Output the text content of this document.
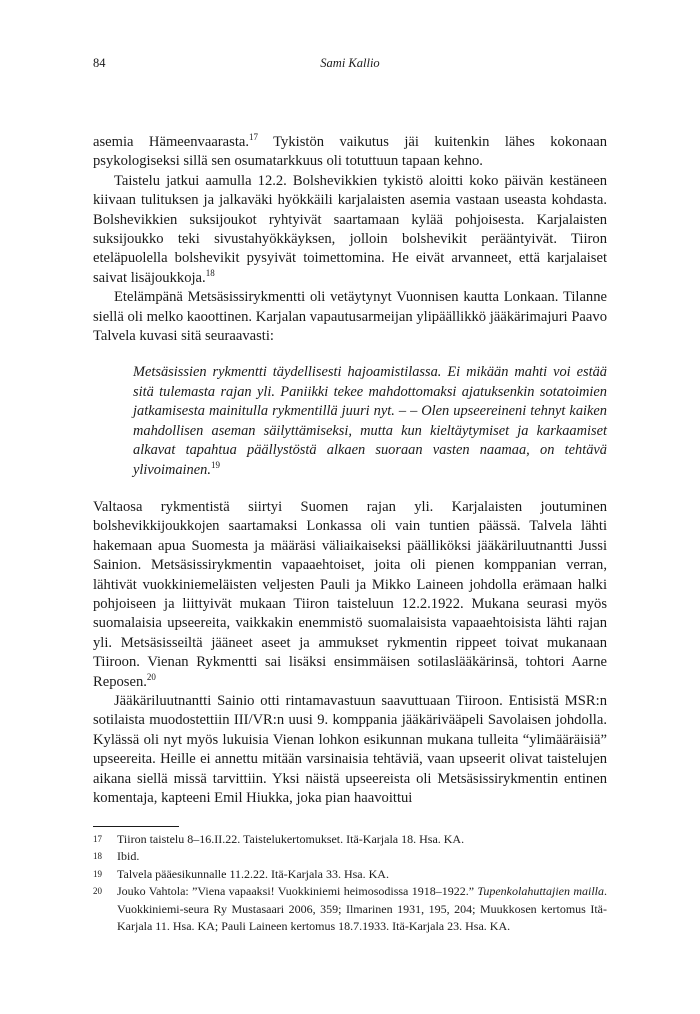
84	Sami Kallio

asemia Hämeenvaarasta.$^{17}$ Tykistön vaikutus jäi kuitenkin lähes kokonaan psykologiseksi sillä sen osumatarkkuus oli totuttuun tapaan kehno.

Taistelu jatkui aamulla 12.2. Bolshevikkien tykistö aloitti koko päivän kestäneen kiivaan tulituksen ja jalkaväki hyökkäili karjalaisten asemia vastaan useasta kohdasta. Bolshevikkien suksijoukot ryhtyivät saartamaan kylää pohjoisesta. Karjalaisten suksijoukko teki sivustahyökkäyksen, jolloin bolshevikit perääntyivät. Tiiron eteläpuolella bolshevikit pysyivät toimettomina. He eivät arvanneet, että karjalaiset saivat lisäjoukkoja.$^{18}$

Etelämpänä Metsäsissirykmentti oli vetäytynyt Vuonnisen kautta Lonkaan. Tilanne siellä oli melko kaoottinen. Karjalan vapautusarmeijan ylipäällikkö jääkärimajuri Paavo Talvela kuvasi sitä seuraavasti:

Metsäsissien rykmentti täydellisesti hajoamistilassa. Ei mikään mahti voi estää sitä tulemasta rajan yli. Paniikki tekee mahdottomaksi ajatuksenkin sotatoimien jatkamisesta mainitulla rykmentillä juuri nyt. – – Olen upseereineni tehnyt kaiken mahdollisen aseman säilyttämiseksi, mutta kun kieltäytymiset ja karkaamiset alkavat tapahtua päällystöstä alkaen suoraan vasten naamaa, on tehtävä ylivoimainen.$^{19}$

Valtaosa rykmentistä siirtyi Suomen rajan yli. Karjalaisten joutuminen bolshevikkijoukkojen saartamaksi Lonkassa oli vain tuntien päässä. Talvela lähti hakemaan apua Suomesta ja määräsi väliaikaiseksi päälliköksi jääkäriluutnantti Jussi Sainion. Metsäsissirykmentin vapaaehtoiset, joita oli pienen komppanian verran, lähtivät vuokkiniemeläisten veljesten Pauli ja Mikko Laineen johdolla erämaan halki pohjoiseen ja liittyivät mukaan Tiiron taisteluun 12.2.1922. Mukana seurasi myös suomalaisia upseereita, vaikkakin enemmistö suomalaisista vapaaehtoisista lähti rajan yli. Metsäsisseiltä jääneet aseet ja ammukset rykmentin rippeet toivat mukanaan Tiiroon. Vienan Rykmentti sai lisäksi ensimmäisen sotilaslääkärinsä, tohtori Aarne Reposen.$^{20}$

Jääkäriluutnantti Sainio otti rintamavastuun saavuttuaan Tiiroon. Entisistä MSR:n sotilaista muodostettiin III/VR:n uusi 9. komppania jääkärivääpeli Savolaisen johdolla. Kylässä oli nyt myös lukuisia Vienan lohkon esikunnan mukana tulleita “ylimääräisiä” upseereita. Heille ei annettu mitään varsinaisia tehtäviä, vaan upseerit olivat taistelujen aikana siellä missä tarvittiin. Yksi näistä upseereista oli Metsäsissirykmentin entinen komentaja, kapteeni Emil Hiukka, joka pian haavoittui

17 Tiiron taistelu 8–16.II.22. Taistelukertomukset. Itä-Karjala 18. Hsa. KA.
18 Ibid.
19 Talvela pääesikunnalle 11.2.22. Itä-Karjala 33. Hsa. KA.
20 Jouko Vahtola: ”Viena vapaaksi! Vuokkiniemi heimosodissa 1918–1922.” Tupenkolahuttajien mailla. Vuokkiniemi-seura Ry Mustasaari 2006, 359; Ilmarinen 1931, 195, 204; Muukkosen kertomus Itä-Karjala 11. Hsa. KA; Pauli Laineen kertomus 18.7.1933. Itä-Karjala 23. Hsa. KA.
